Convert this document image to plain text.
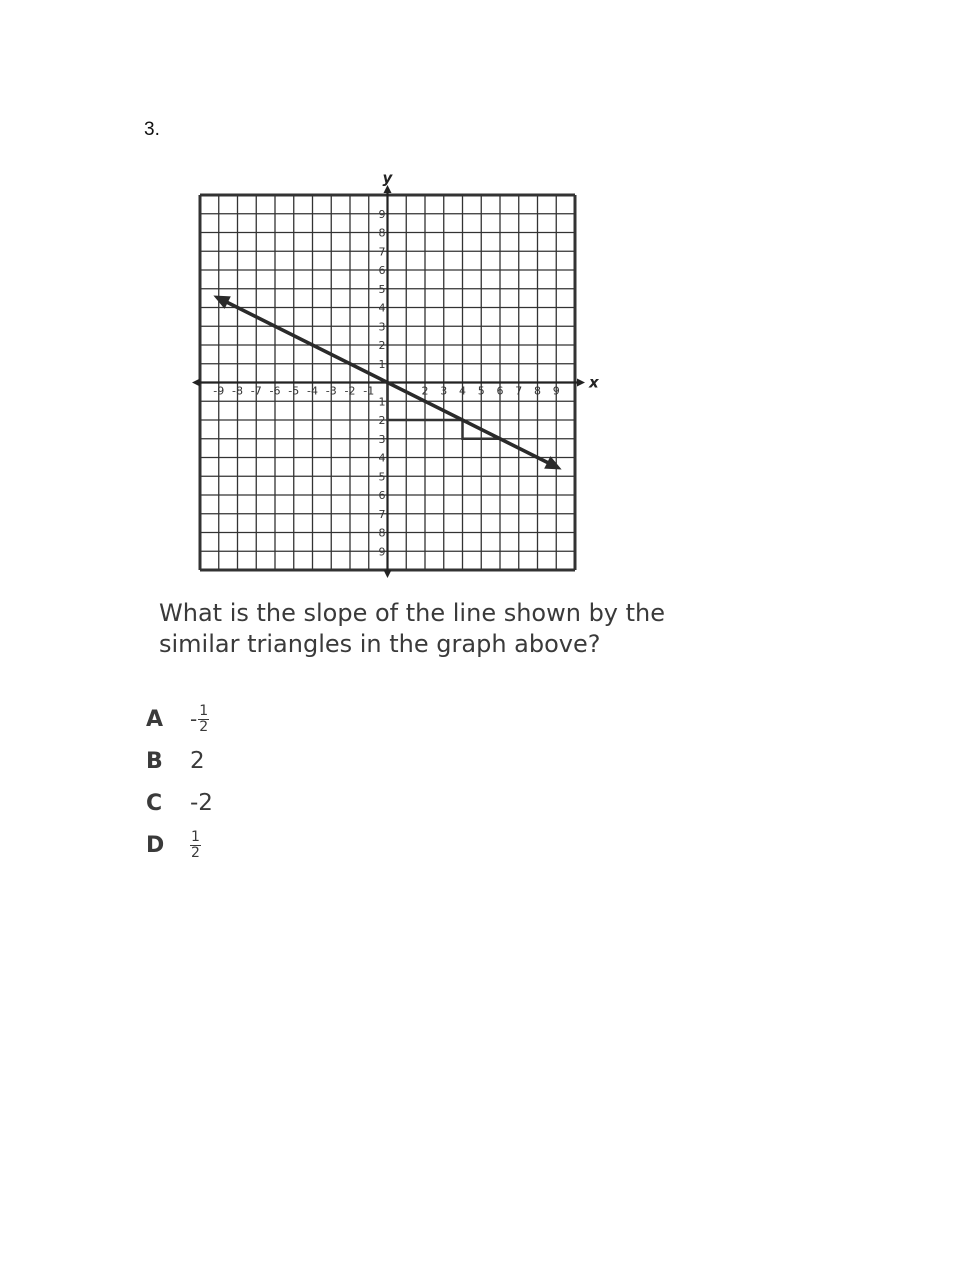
3.
-9 -8 -7 -6 -5 -4 -3 -2 -1	2 3 4 5 6 7 8 9
9
8
7
6
5
4
3
2
1
1
2
3
4
5
6
7
8
9
x
y
What is the slope of the line shown by the similar triangles in the graph above?
A	- $\frac{1}{2}$
B	2
C	-2
D	$\frac{1}{2}$
